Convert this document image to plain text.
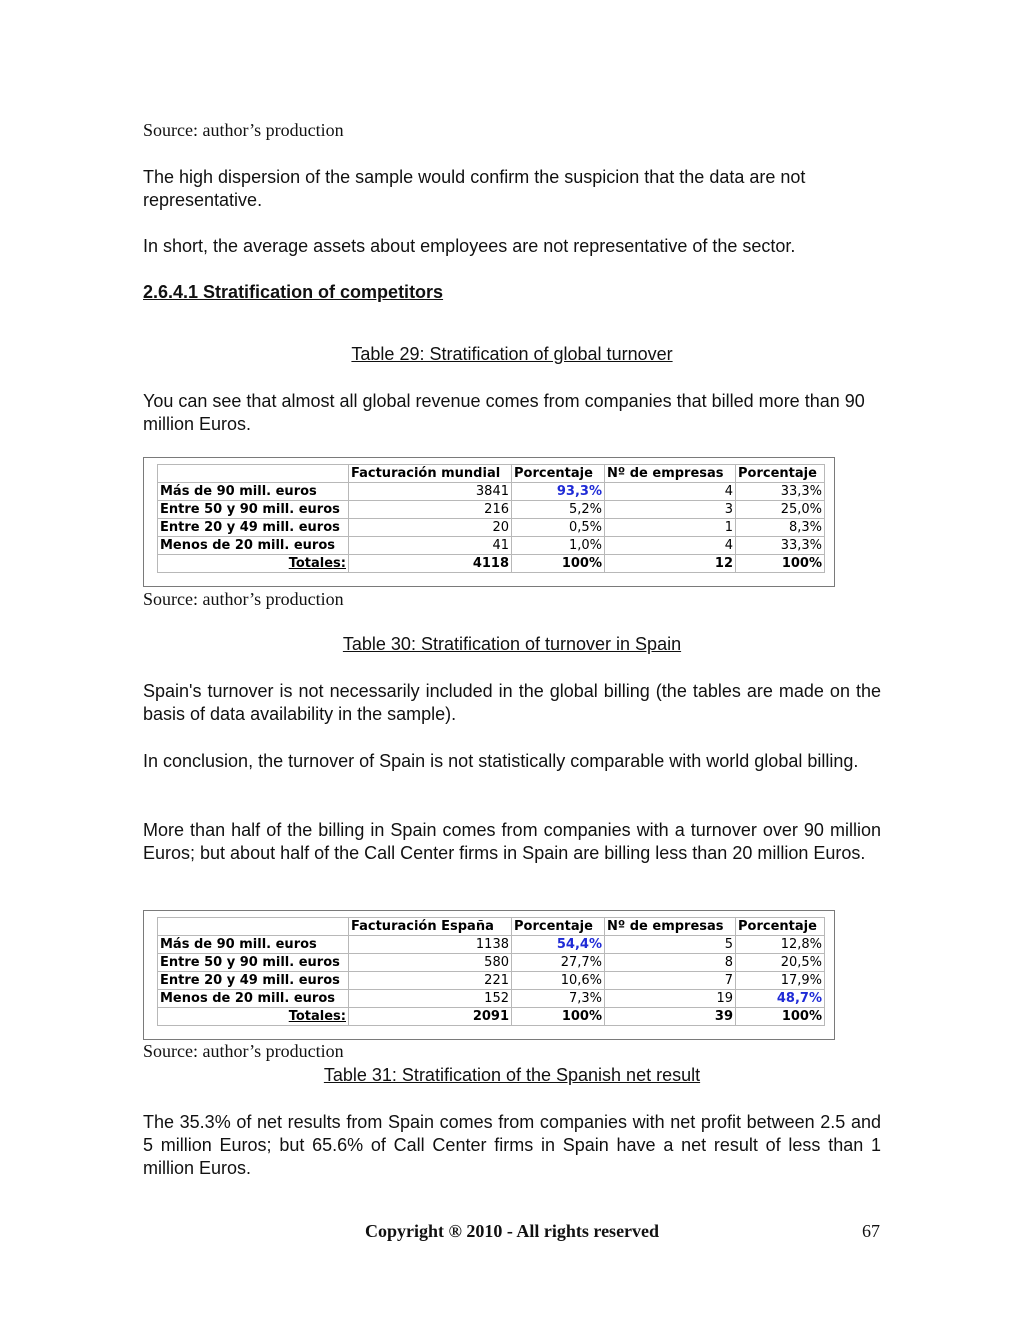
Source: author’s production

The high dispersion of the sample would confirm the suspicion that the data are not representative.

In short, the average assets about employees are not representative of the sector.

2.6.4.1 Stratification of competitors
Table 29: Stratification of global turnover

You can see that almost all global revenue comes from companies that billed more than 90 million Euros.

	Facturación mundial	Porcentaje	Nº de empresas	Porcentaje
Más de 90 mill. euros	3841	93,3%	4	33,3%
Entre 50 y 90 mill. euros	216	5,2%	3	25,0%
Entre 20 y 49 mill. euros	20	0,5%	1	8,3%
Menos de 20 mill. euros	41	1,0%	4	33,3%
Totales:	4118	100%	12	100%
Source: author’s production
Table 30: Stratification of turnover in Spain

Spain's turnover is not necessarily included in the global billing (the tables are made on the basis of data availability in the sample).

In conclusion, the turnover of Spain is not statistically comparable with world global billing.

More than half of the billing in Spain comes from companies with a turnover over 90 million Euros; but about half of the Call Center firms in Spain are billing less than 20 million Euros.

	Facturación España	Porcentaje	Nº de empresas	Porcentaje
Más de 90 mill. euros	1138	54,4%	5	12,8%
Entre 50 y 90 mill. euros	580	27,7%	8	20,5%
Entre 20 y 49 mill. euros	221	10,6%	7	17,9%
Menos de 20 mill. euros	152	7,3%	19	48,7%
Totales:	2091	100%	39	100%
Source: author’s production
Table 31: Stratification of the Spanish net result

The 35.3% of net results from Spain comes from companies with net profit between 2.5 and 5 million Euros; but 65.6% of Call Center firms in Spain have a net result of less than 1 million Euros.

Copyright ® 2010 - All rights reserved	67
